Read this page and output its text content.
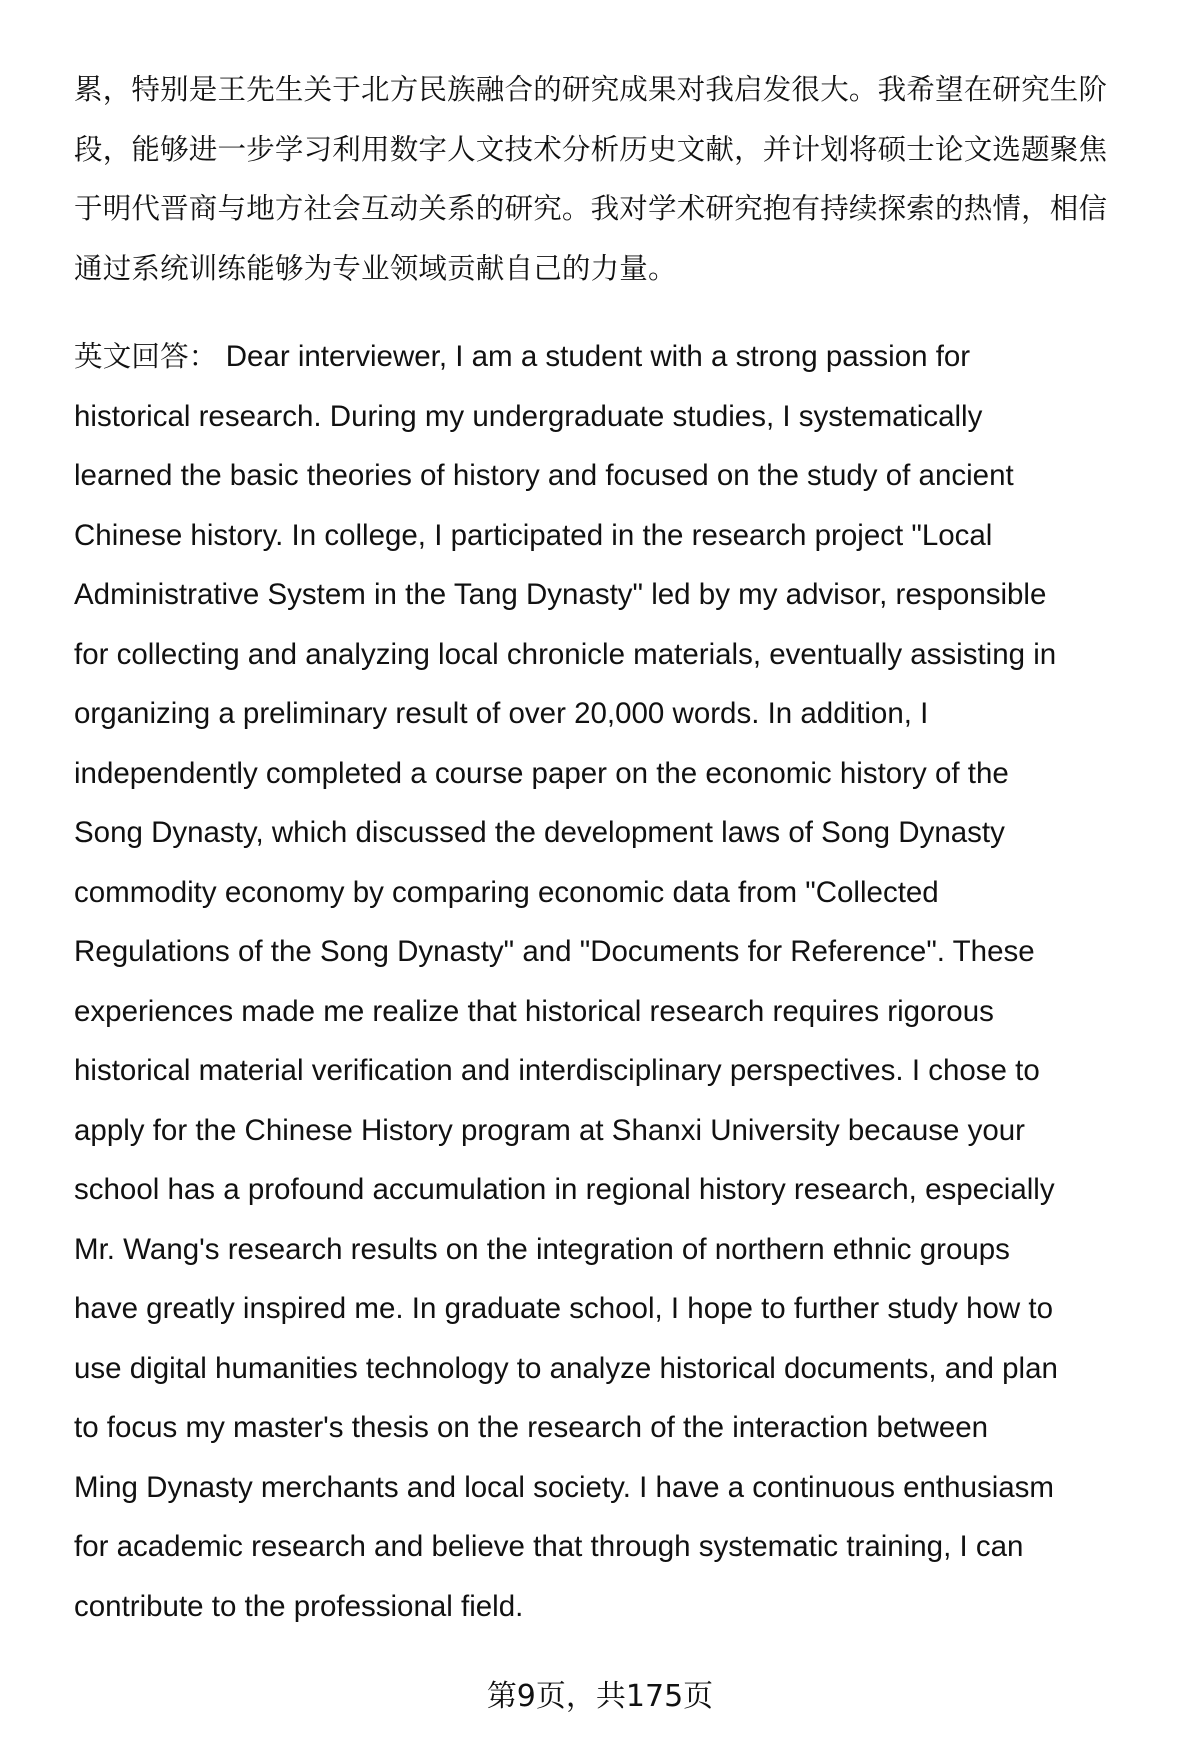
累，特别是王先生关于北方民族融合的研究成果对我启发很大。我希望在研究生阶
段，能够进一步学习利用数字人文技术分析历史文献，并计划将硕士论文选题聚焦
于明代晋商与地方社会互动关系的研究。我对学术研究抱有持续探索的热情，相信
通过系统训练能够为专业领域贡献自己的力量。
英文回答： Dear interviewer, I am a student with a strong passion for
historical research. During my undergraduate studies, I systematically
learned the basic theories of history and focused on the study of ancient
Chinese history. In college, I participated in the research project "Local
Administrative System in the Tang Dynasty" led by my advisor, responsible
for collecting and analyzing local chronicle materials, eventually assisting in
organizing a preliminary result of over 20,000 words. In addition, I
independently completed a course paper on the economic history of the
Song Dynasty, which discussed the development laws of Song Dynasty
commodity economy by comparing economic data from "Collected
Regulations of the Song Dynasty" and "Documents for Reference". These
experiences made me realize that historical research requires rigorous
historical material verification and interdisciplinary perspectives. I chose to
apply for the Chinese History program at Shanxi University because your
school has a profound accumulation in regional history research, especially
Mr. Wang's research results on the integration of northern ethnic groups
have greatly inspired me. In graduate school, I hope to further study how to
use digital humanities technology to analyze historical documents, and plan
to focus my master's thesis on the research of the interaction between
Ming Dynasty merchants and local society. I have a continuous enthusiasm
for academic research and believe that through systematic training, I can
contribute to the professional field.
第9页，共175页
